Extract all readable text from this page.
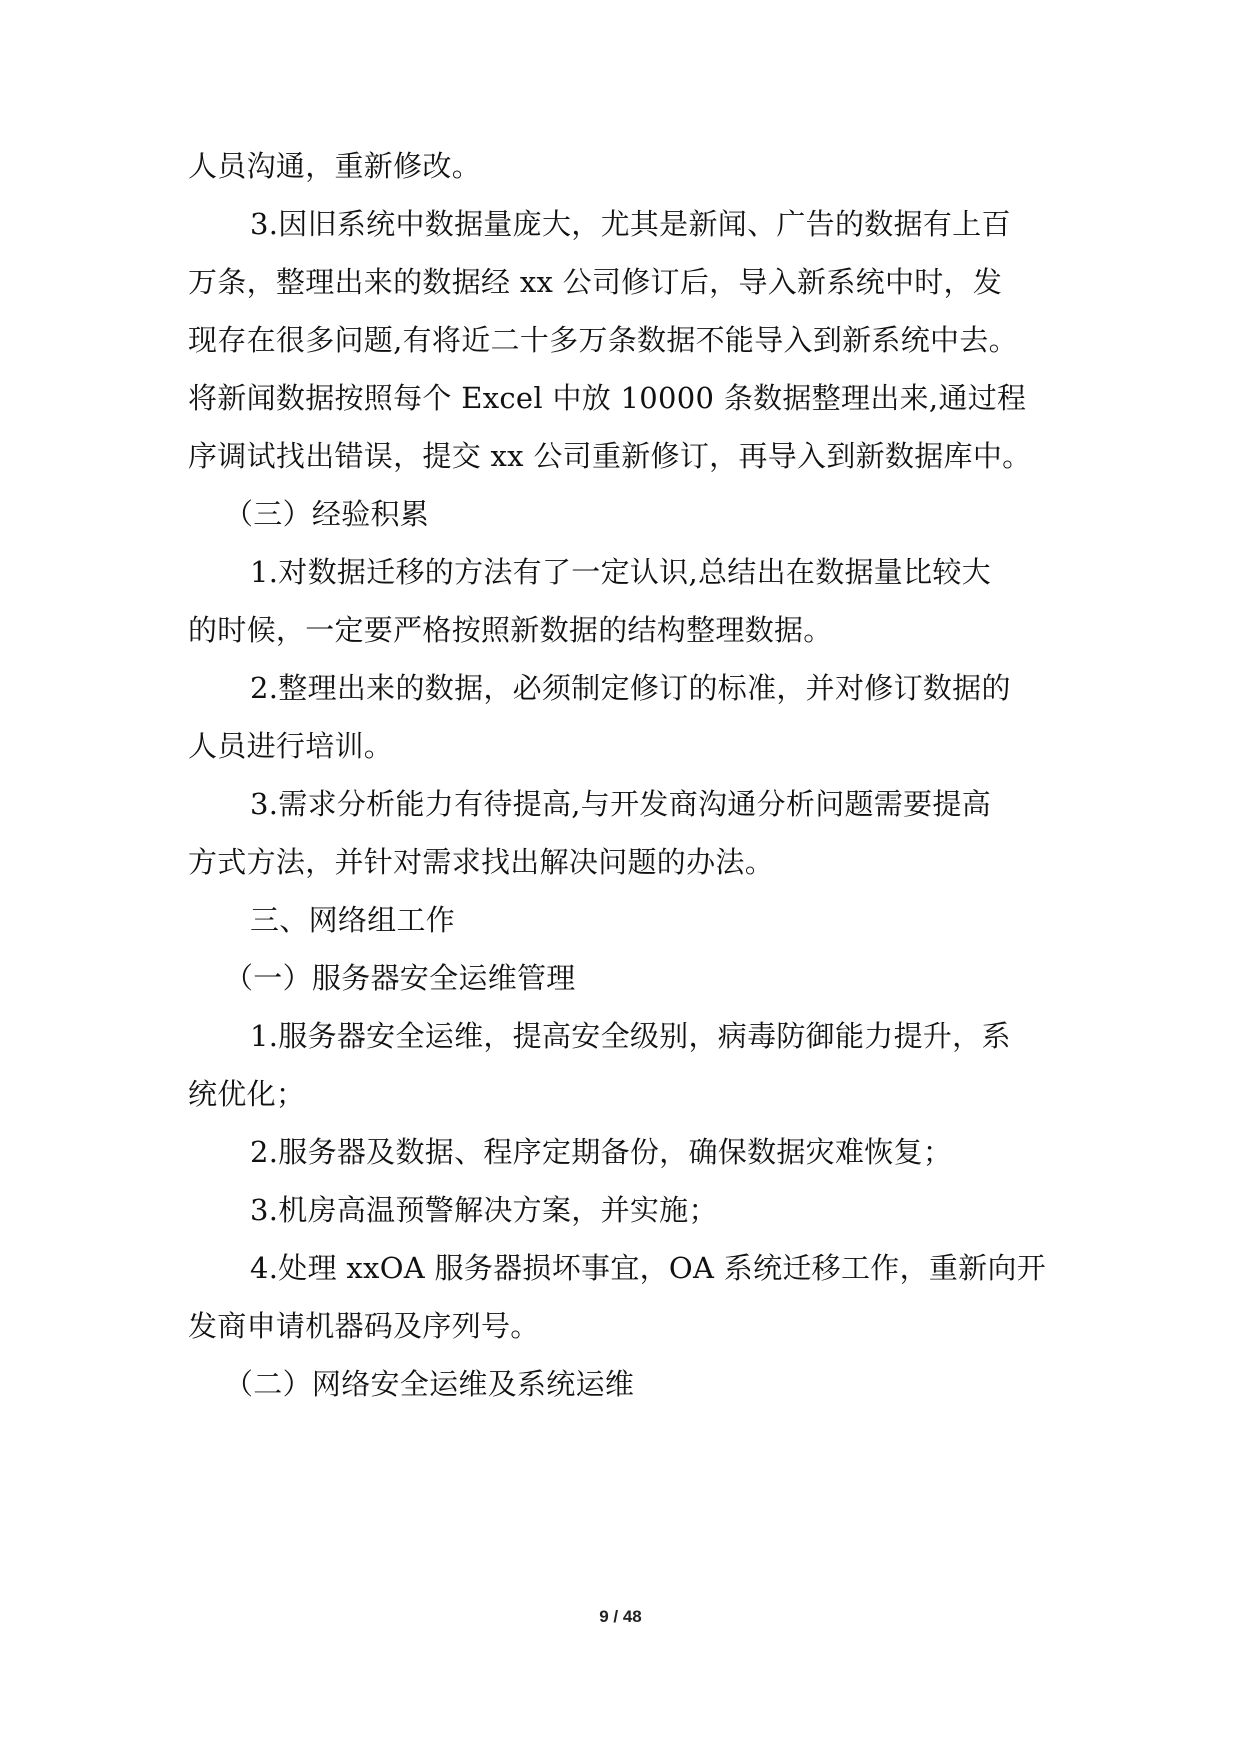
人员沟通，重新修改。
3.因旧系统中数据量庞大，尤其是新闻、广告的数据有上百
万条，整理出来的数据经 xx 公司修订后，导入新系统中时，发
现存在很多问题,有将近二十多万条数据不能导入到新系统中去。
将新闻数据按照每个 Excel 中放 10000 条数据整理出来,通过程
序调试找出错误，提交 xx 公司重新修订，再导入到新数据库中。
（三）经验积累
1.对数据迁移的方法有了一定认识,总结出在数据量比较大
的时候，一定要严格按照新数据的结构整理数据。
2.整理出来的数据，必须制定修订的标准，并对修订数据的
人员进行培训。
3.需求分析能力有待提高,与开发商沟通分析问题需要提高
方式方法，并针对需求找出解决问题的办法。
三、网络组工作
（一）服务器安全运维管理
1.服务器安全运维，提高安全级别，病毒防御能力提升，系
统优化；
2.服务器及数据、程序定期备份，确保数据灾难恢复；
3.机房高温预警解决方案，并实施；
4.处理 xxOA 服务器损坏事宜，OA 系统迁移工作，重新向开
发商申请机器码及序列号。
（二）网络安全运维及系统运维
9 / 48
